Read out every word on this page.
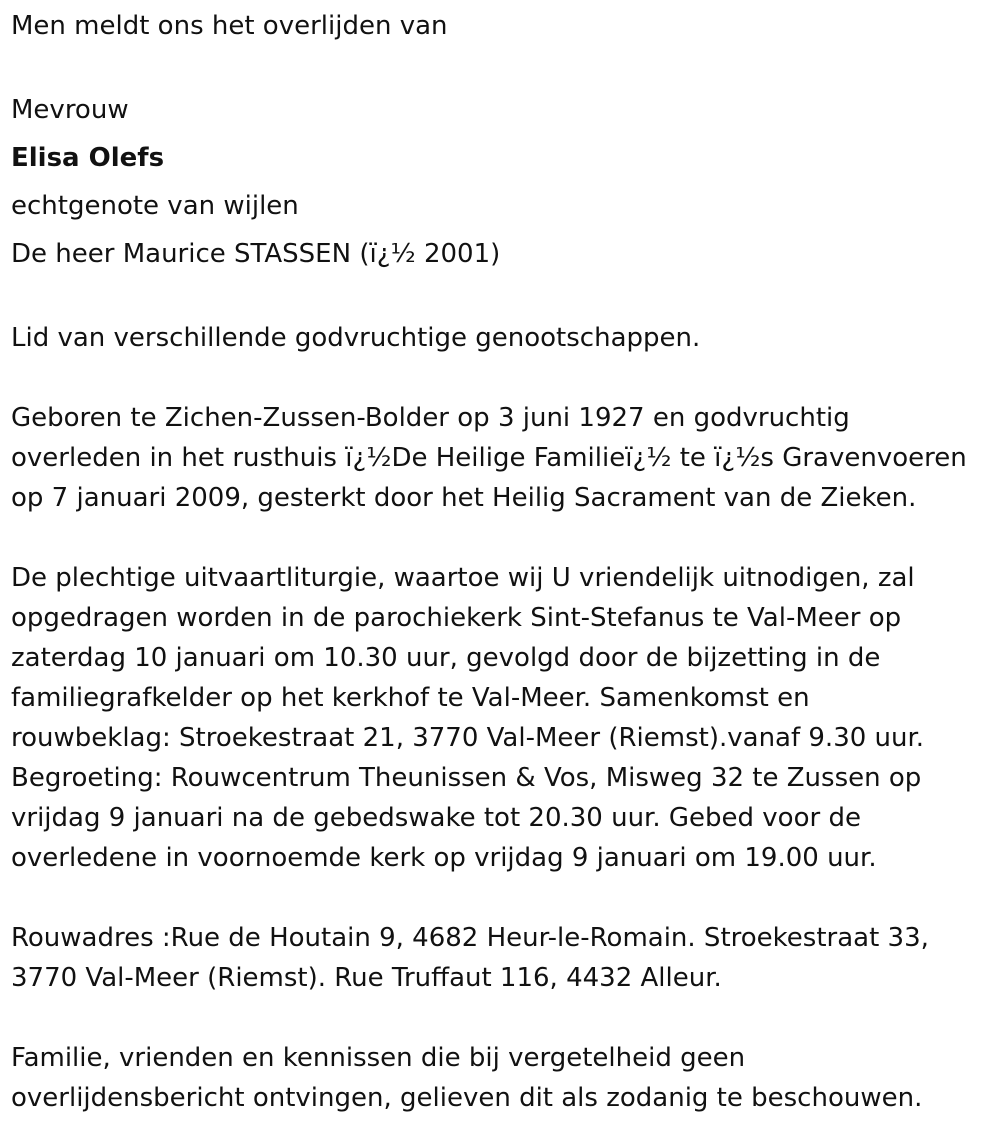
Men meldt ons het overlijden van
Mevrouw
Elisa Olefs
echtgenote van wijlen
De heer Maurice STASSEN (ï¿½ 2001)
Lid van verschillende godvruchtige genootschappen.
Geboren te Zichen-Zussen-Bolder op 3 juni 1927 en godvruchtig
overleden in het rusthuis ï¿½De Heilige Familieï¿½ te ï¿½s Gravenvoeren
op 7 januari 2009, gesterkt door het Heilig Sacrament van de Zieken.
De plechtige uitvaartliturgie, waartoe wij U vriendelijk uitnodigen, zal
opgedragen worden in de parochiekerk Sint-Stefanus te Val-Meer op
zaterdag 10 januari om 10.30 uur, gevolgd door de bijzetting in de
familiegrafkelder op het kerkhof te Val-Meer. Samenkomst en
rouwbeklag: Stroekestraat 21, 3770 Val-Meer (Riemst).vanaf 9.30 uur.
Begroeting: Rouwcentrum Theunissen & Vos, Misweg 32 te Zussen op
vrijdag 9 januari na de gebedswake tot 20.30 uur. Gebed voor de
overledene in voornoemde kerk op vrijdag 9 januari om 19.00 uur.
Rouwadres :Rue de Houtain 9, 4682 Heur-le-Romain. Stroekestraat 33,
3770 Val-Meer (Riemst). Rue Truffaut 116, 4432 Alleur.
Familie, vrienden en kennissen die bij vergetelheid geen
overlijdensbericht ontvingen, gelieven dit als zodanig te beschouwen.
